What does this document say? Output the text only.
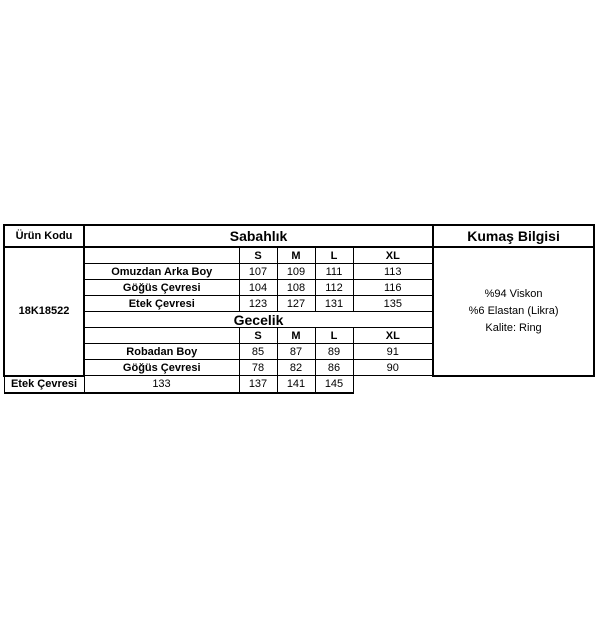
Ürün Kodu	Sabahlık					Kumaş Bilgisi
18K18522		S	M	L	XL	%94 Viskon
%6 Elastan (Likra)
Kalite: Ring

	Omuzdan Arka Boy	107	109	111	113	
	Göğüs Çevresi	104	108	112	116	
	Etek Çevresi	123	127	131	135	
	Gecelik					
		S	M	L	XL	
	Robadan Boy	85	87	89	91	
	Göğüs Çevresi	78	82	86	90	
Etek Çevresi	133	137	141	145		
